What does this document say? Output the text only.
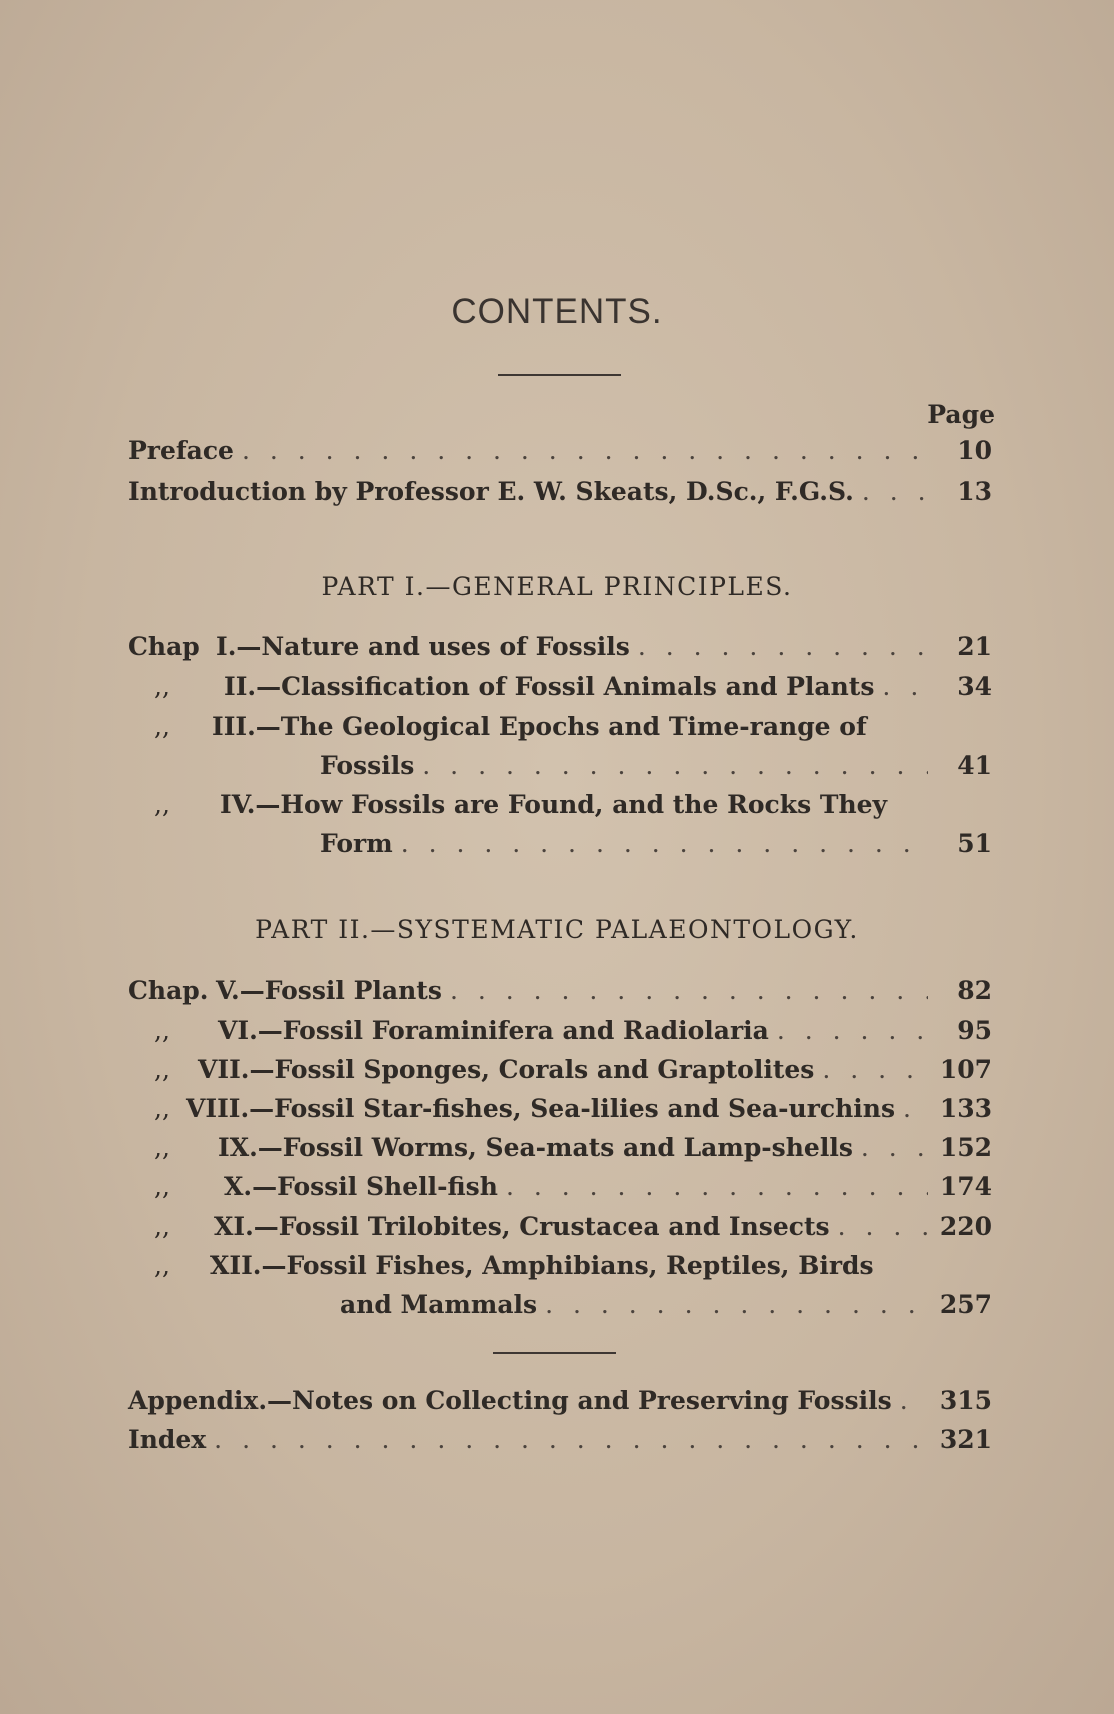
CONTENTS.
Page
Preface . . .	10
Introduction by Professor E. W. Skeats, D.Sc., F.G.S. . . .	13
PART I.—GENERAL PRINCIPLES.
Chap I.—Nature and uses of Fossils . . .	21
,,	II.—Classification of Fossil Animals and Plants . . .	34
,,	III.—The Geological Epochs and Time-range of
Fossils . . .	41
,,	IV.—How Fossils are Found, and the Rocks They
Form . . .	51
PART II.—SYSTEMATIC PALAEONTOLOGY.
Chap. V.—Fossil Plants . . .	82
,,	VI.—Fossil Foraminifera and Radiolaria . . .	95
,,	VII.—Fossil Sponges, Corals and Graptolites . . .	107
,, VIII.—Fossil Star-fishes, Sea-lilies and Sea-urchins . . . 133
,,	IX.—Fossil Worms, Sea-mats and Lamp-shells . . .	152
,,	X.—Fossil Shell-fish . . .	174
,,	XI.—Fossil Trilobites, Crustacea and Insects . . .	220
,,	XII.—Fossil Fishes, Amphibians, Reptiles, Birds
and Mammals . . .	257
Appendix.—Notes on Collecting and Preserving Fossils . . . 315
Index . . .	321
